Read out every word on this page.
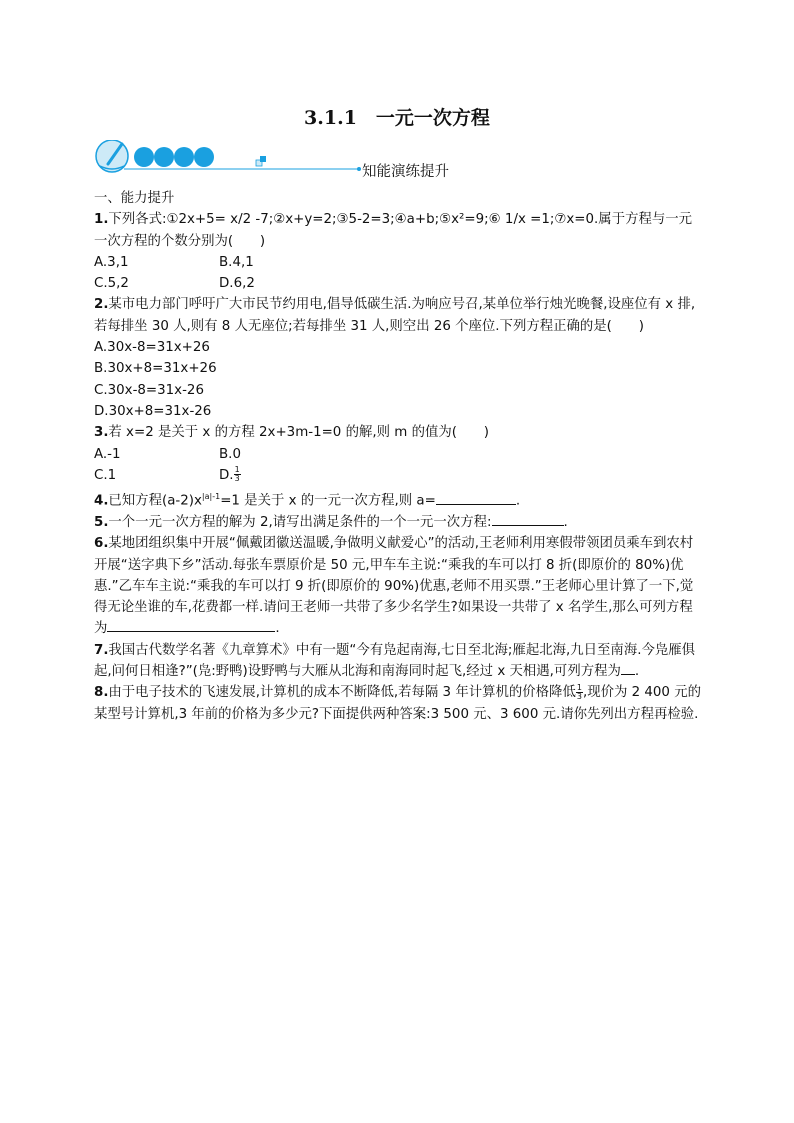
3.1.1　一元一次方程
知能演练提升

一、能力提升

1.下列各式:①2x+5= x/2 -7;②x+y=2;③5-2=3;④a+b;⑤x²=9;⑥ 1/x =1;⑦x=0.属于方程与一元一次方程的个数分别为(　　)

A.3,1	B.4,1
C.5,2	D.6,2

2.某市电力部门呼吁广大市民节约用电,倡导低碳生活.为响应号召,某单位举行烛光晚餐,设座位有 x 排,若每排坐 30 人,则有 8 人无座位;若每排坐 31 人,则空出 26 个座位.下列方程正确的是(　　)

A.30x-8=31x+26
B.30x+8=31x+26
C.30x-8=31x-26
D.30x+8=31x-26

3.若 x=2 是关于 x 的方程 2x+3m-1=0 的解,则 m 的值为(　　)

A.-1	B.0
C.1	D. $\frac{1}{3}$

4.已知方程$(a-2)x^{|a|-1}=1$ 是关于 x 的一元一次方程,则 a=	.

5.一个一元一次方程的解为 2,请写出满足条件的一个一元一次方程:	.

6.某地团组织集中开展“佩戴团徽送温暖,争做明义献爱心”的活动,王老师利用寒假带领团员乘车到农村开展“送字典下乡”活动.每张车票原价是 50 元,甲车车主说:“乘我的车可以打 8 折(即原价的 80%)优惠.”乙车车主说:“乘我的车可以打 9 折(即原价的 90%)优惠,老师不用买票.”王老师心里计算了一下,觉得无论坐谁的车,花费都一样.请问王老师一共带了多少名学生?如果设一共带了 x 名学生,那么可列方程为	.

7.我国古代数学名著《九章算术》中有一题“今有凫起南海,七日至北海;雁起北海,九日至南海.今凫雁俱起,问何日相逢?”(凫:野鸭)设野鸭与大雁从北海和南海同时起飞,经过 x 天相遇,可列方程为 .

8.由于电子技术的飞速发展,计算机的成本不断降低,若每隔 3 年计算机的价格降低 $\frac{1}{3}$ ,现价为 2 400 元的某型号计算机,3 年前的价格为多少元?下面提供两种答案:3 500 元、3 600 元.请你先列出方程再检验.
